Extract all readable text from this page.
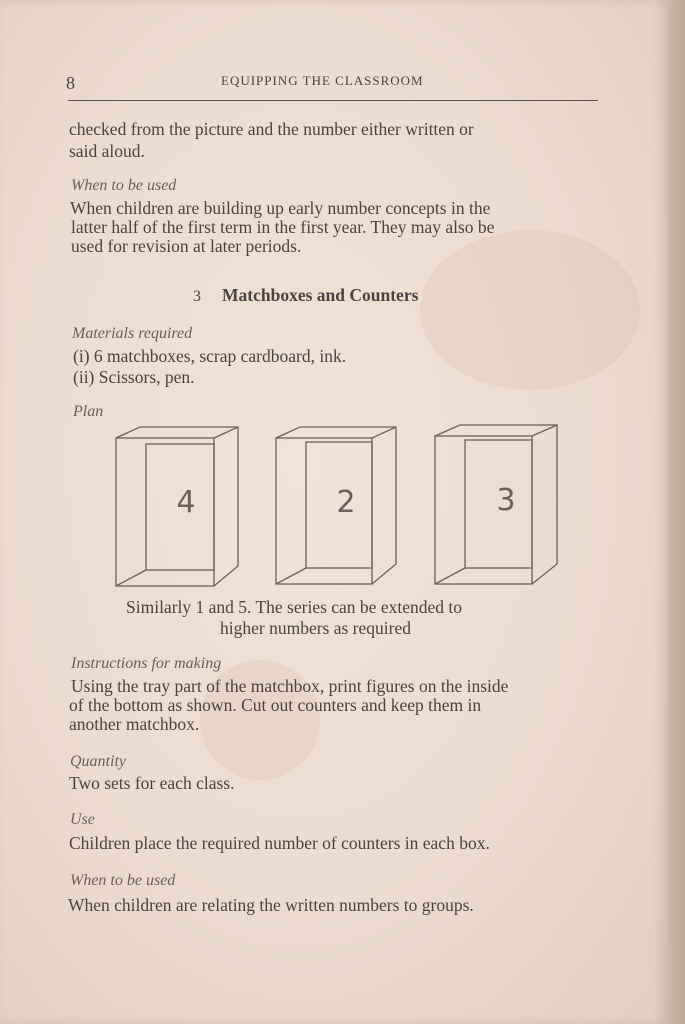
8	EQUIPPING THE CLASSROOM
checked from the picture and the number either written or
said aloud.
When to be used
When children are building up early number concepts in the
latter half of the first term in the first year. They may also be
used for revision at later periods.
3 Matchboxes and Counters
Materials required
(i) 6 matchboxes, scrap cardboard, ink.
(ii) Scissors, pen.
Plan
4	2	3
Similarly 1 and 5. The series can be extended to
higher numbers as required
Instructions for making
Using the tray part of the matchbox, print figures on the inside
of the bottom as shown. Cut out counters and keep them in
another matchbox.
Quantity
Two sets for each class.
Use
Children place the required number of counters in each box.
When to be used
When children are relating the written numbers to groups.
